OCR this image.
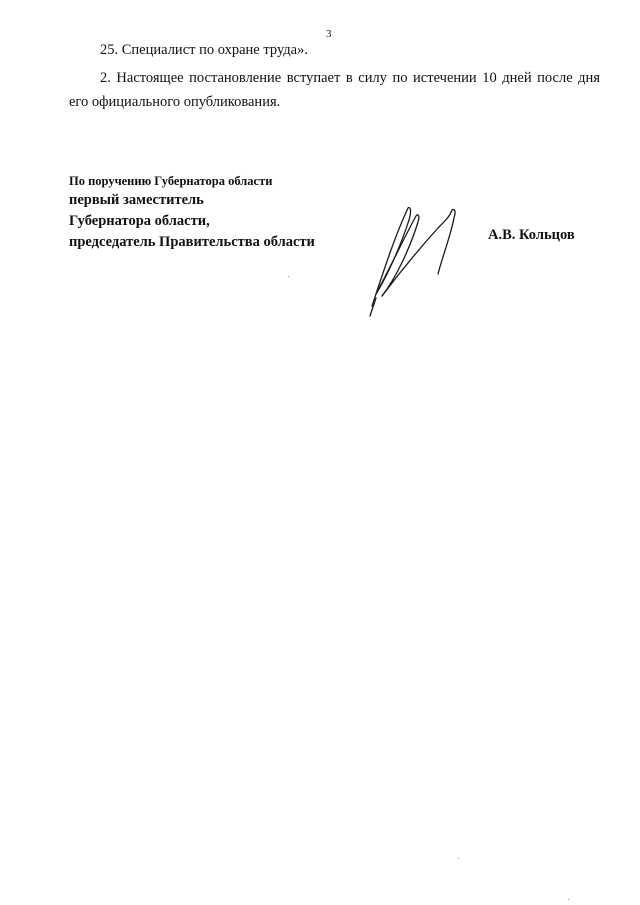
3

25. Специалист по охране труда».

2. Настоящее постановление вступает в силу по истечении 10 дней после дня его официального опубликования.

По поручению Губернатора области
первый заместитель
Губернатора области,
председатель Правительства области	А.В. Кольцов
